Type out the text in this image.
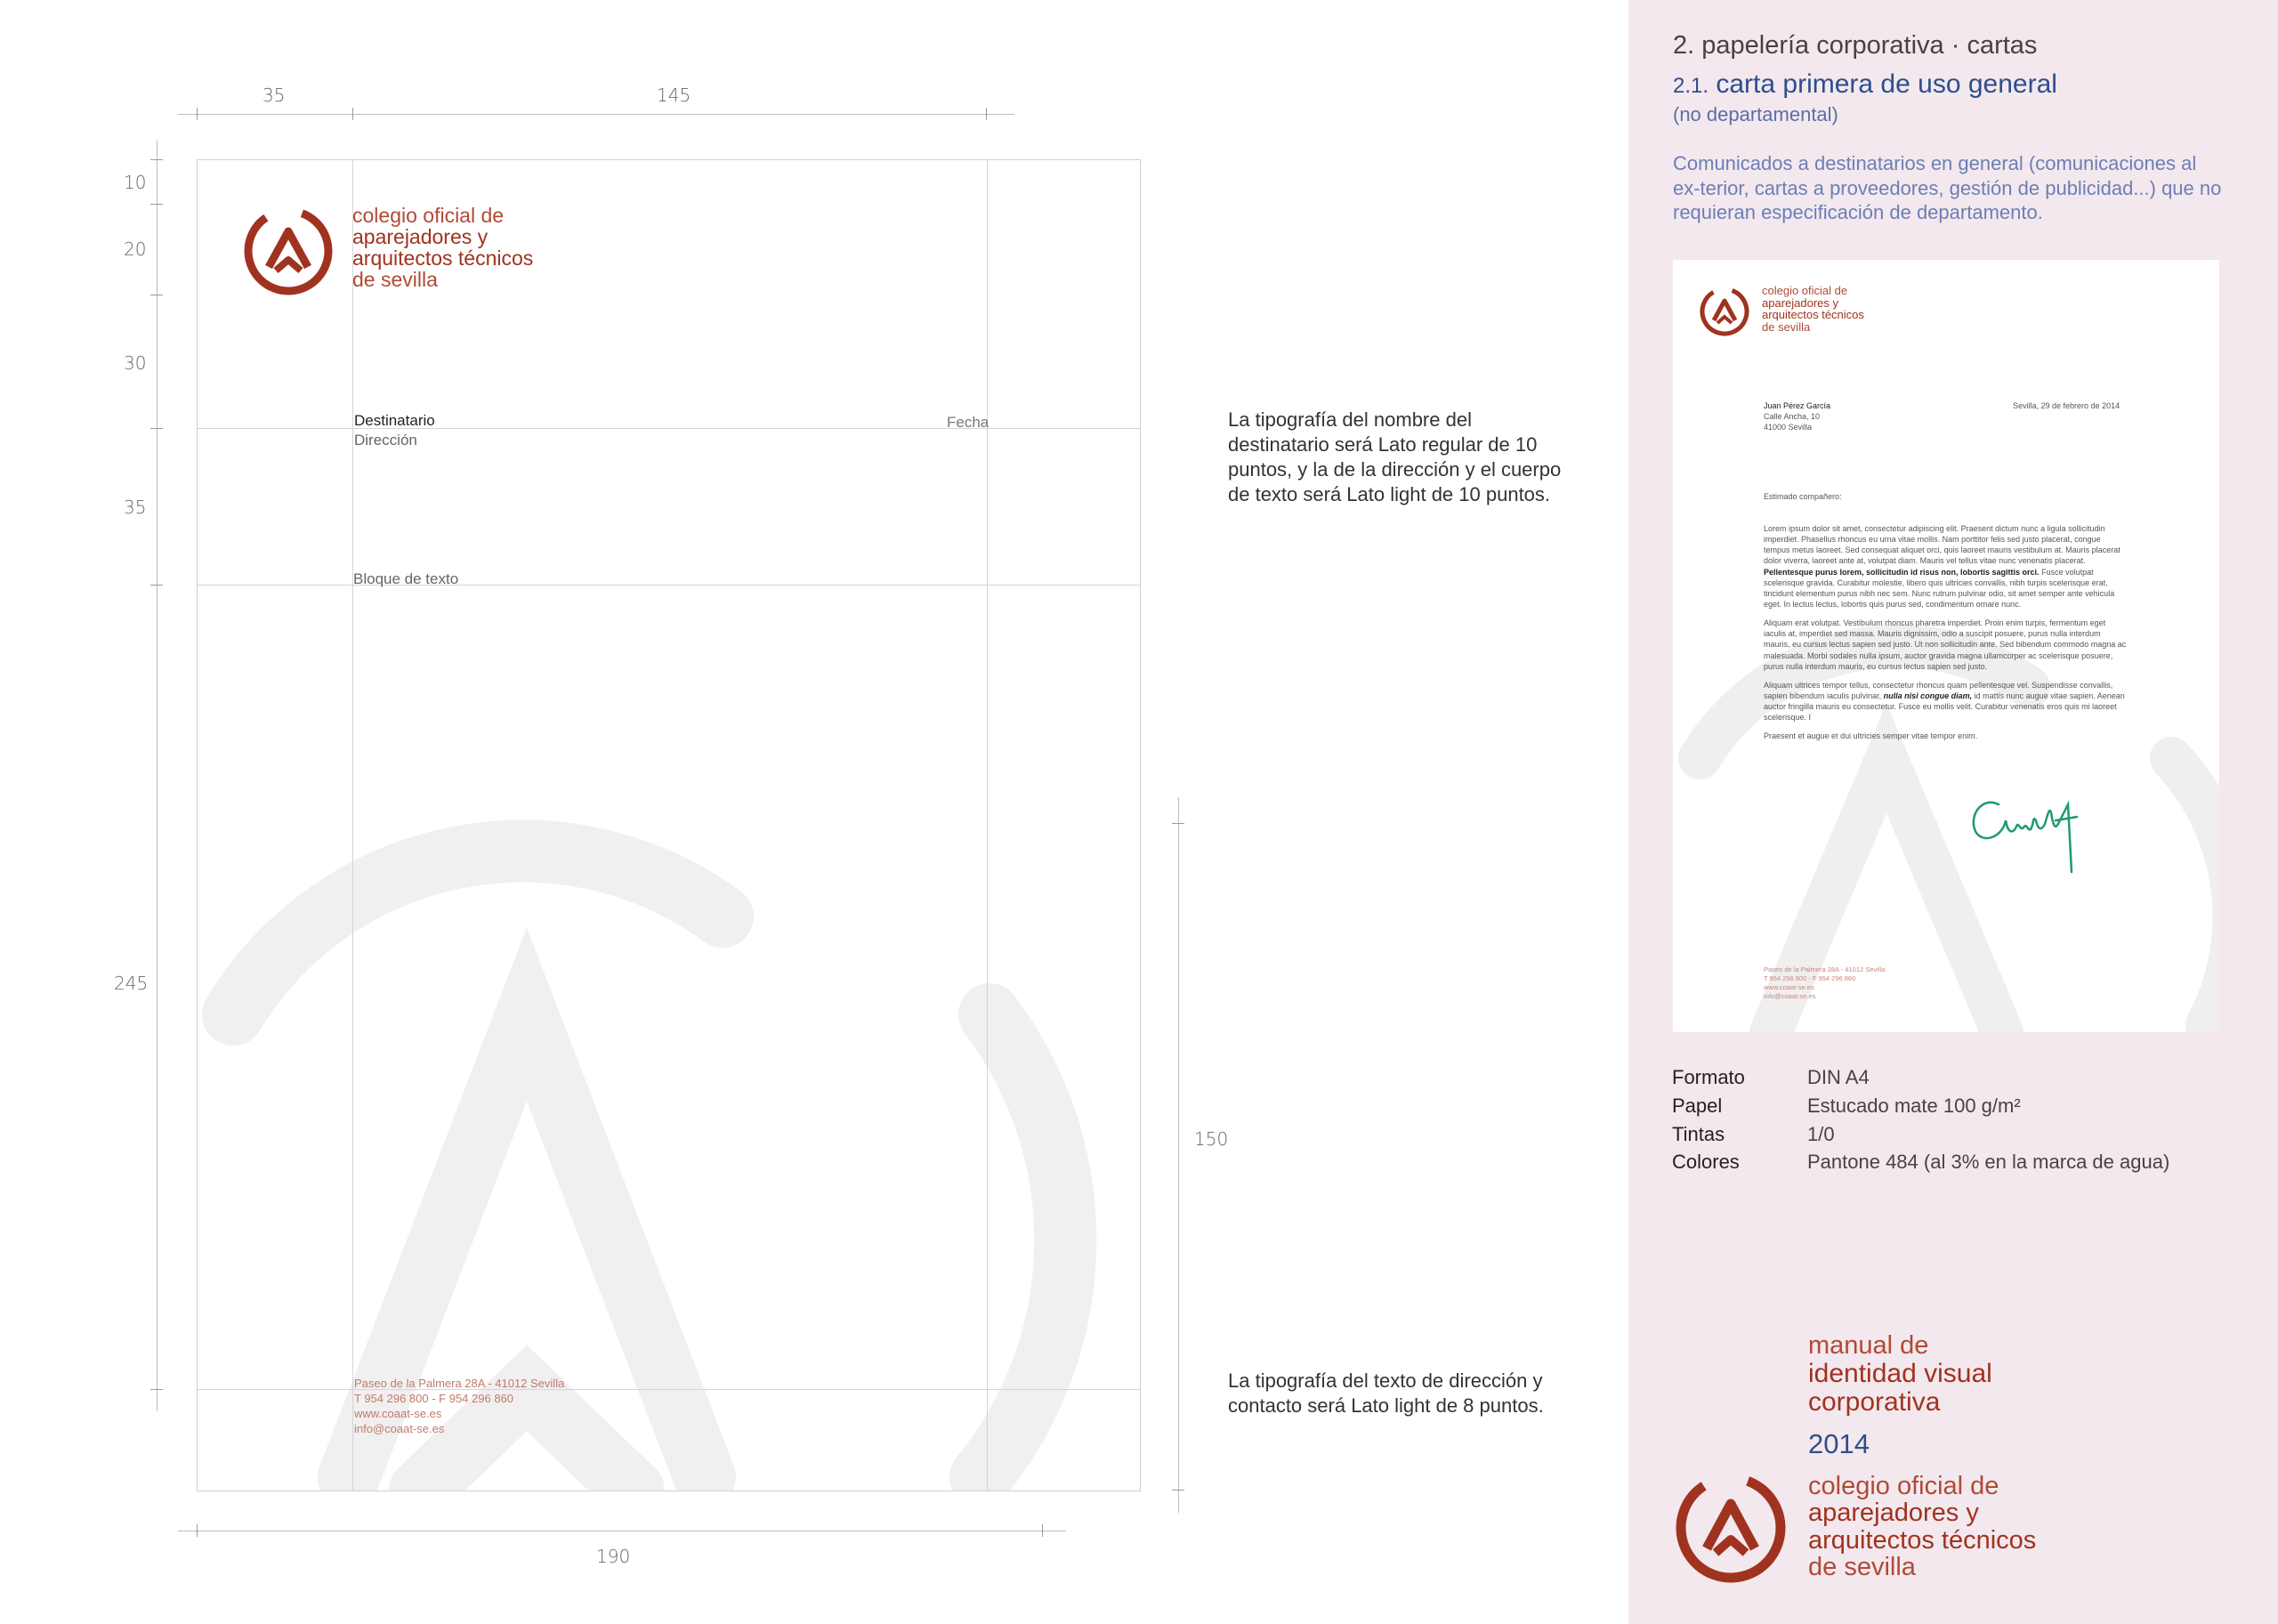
35	145
10
20
30
35
245
190
150
colegio oficial de
aparejadores y
arquitectos técnicos
de sevilla
Destinatario
Dirección
Fecha
Bloque de texto
Paseo de la Palmera 28A - 41012 Sevilla
T 954 296 800 - F 954 296 860
www.coaat-se.es
info@coaat-se.es
La tipografía del nombre del destinatario será Lato regular de 10 puntos, y la de la dirección y el cuerpo de texto será Lato light de 10 puntos.
La tipografía del texto de dirección y contacto será Lato light de 8 puntos.
2. papelería corporativa · cartas
2.1. carta primera de uso general
(no departamental)
Comunicados a destinatarios en general (comunicaciones al ex-terior, cartas a proveedores, gestión de publicidad...) que no requieran especificación de departamento.
colegio oficial de
aparejadores y
arquitectos técnicos
de sevilla
Juan Pérez García
Calle Ancha, 10
41000 Sevilla
Sevilla, 29 de febrero de 2014
Estimado compañero:

Lorem ipsum dolor sit amet, consectetur adipiscing elit. Praesent dictum nunc a ligula sollicitudin imperdiet. Phasellus rhoncus eu urna vitae mollis. Nam porttitor felis sed justo placerat, congue tempus metus laoreet. Sed consequat aliquet orci, quis laoreet mauris vestibulum at. Mauris placerat dolor viverra, laoreet ante at, volutpat diam. Mauris vel tellus vitae nunc venenatis placerat. Pellentesque purus lorem, sollicitudin id risus non, lobortis sagittis orci. Fusce volutpat scelerisque gravida. Curabitur molestie, libero quis ultricies convallis, nibh turpis scelerisque erat, tincidunt elementum purus nibh nec sem. Nunc rutrum pulvinar odio, sit amet semper ante vehicula eget. In lectus lectus, lobortis quis purus sed, condimentum ornare nunc.

Aliquam erat volutpat. Vestibulum rhoncus pharetra imperdiet. Proin enim turpis, fermentum eget iaculis at, imperdiet sed massa. Mauris dignissim, odio a suscipit posuere, purus nulla interdum mauris, eu cursus lectus sapien sed justo. Ut non sollicitudin ante. Sed bibendum commodo magna ac malesuada. Morbi sodales nulla ipsum, auctor gravida magna ullamcorper ac scelerisque posuere, purus nulla interdum mauris, eu cursus lectus sapien sed justo.

Aliquam ultrices tempor tellus, consectetur rhoncus quam pellentesque vel. Suspendisse convallis, sapien bibendum iaculis pulvinar, nulla nisi congue diam, id mattis nunc augue vitae sapien. Aenean auctor fringilla mauris eu consectetur. Fusce eu mollis velit. Curabitur venenatis eros quis mi laoreet scelerisque. I

Praesent et augue et dui ultricies semper vitae tempor enim.

Paseo de la Palmera 28A - 41012 Sevilla
T 954 296 800 - F 954 296 860
www.coaat-se.es
info@coaat-se.es
Formato	DIN A4
Papel	Estucado mate 100 g/m²
Tintas	1/0
Colores	Pantone 484 (al 3% en la marca de agua)
manual de
identidad visual
corporativa
2014
colegio oficial de
aparejadores y
arquitectos técnicos
de sevilla
